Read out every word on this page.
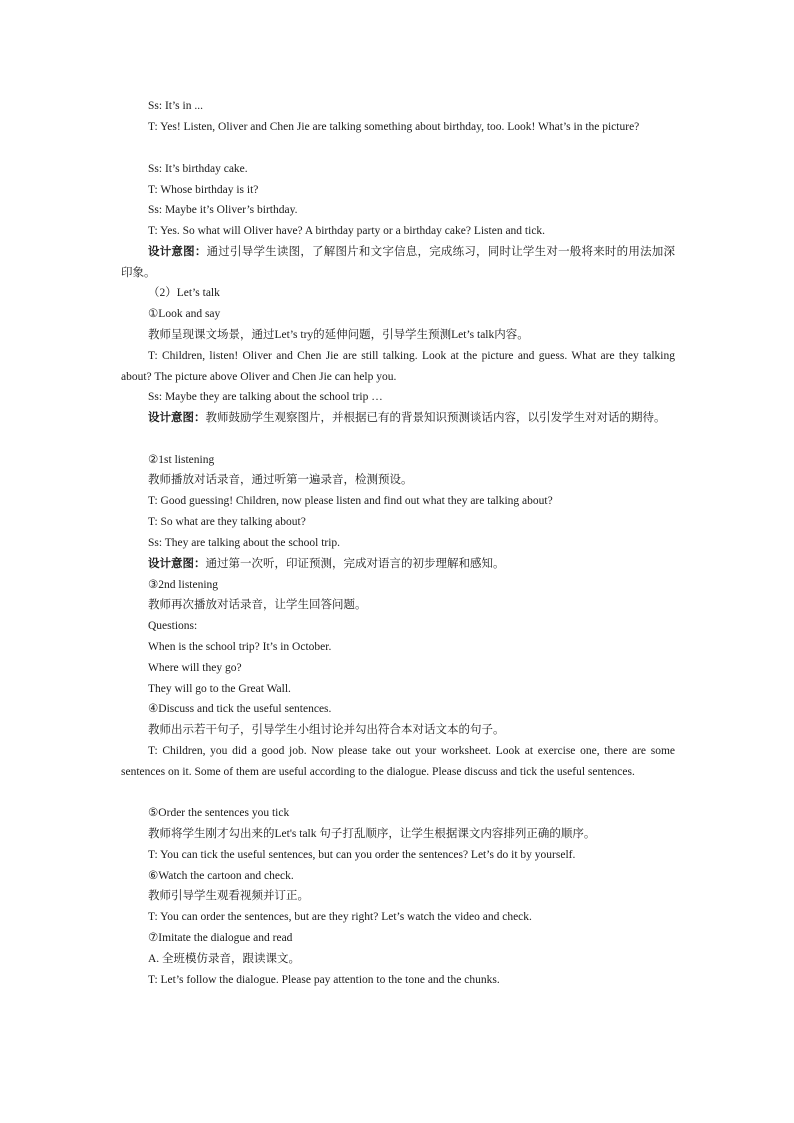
Ss: It’s in ...

T: Yes! Listen, Oliver and Chen Jie are talking something about birthday, too. Look! What’s in the picture?

Ss: It’s birthday cake.

T: Whose birthday is it?

Ss: Maybe it’s Oliver’s birthday.

T: Yes. So what will Oliver have? A birthday party or a birthday cake? Listen and tick.

设计意图：通过引导学生读图，了解图片和文字信息，完成练习，同时让学生对一般将来时的用法加深印象。

（2）Let’s talk

①Look and say

教师呈现课文场景，通过Let’s try的延伸问题，引导学生预测Let’s talk内容。

T: Children, listen! Oliver and Chen Jie are still talking. Look at the picture and guess. What are they talking about? The picture above Oliver and Chen Jie can help you.

Ss: Maybe they are talking about the school trip …

设计意图：教师鼓励学生观察图片，并根据已有的背景知识预测谈话内容，以引发学生对对话的期待。

②1st listening

教师播放对话录音，通过听第一遍录音，检测预设。

T: Good guessing! Children, now please listen and find out what they are talking about?

T: So what are they talking about?

Ss: They are talking about the school trip.

设计意图：通过第一次听，印证预测，完成对语言的初步理解和感知。

③2nd listening

教师再次播放对话录音，让学生回答问题。

Questions:

When is the school trip? It’s in October.

Where will they go?

They will go to the Great Wall.

④Discuss and tick the useful sentences.

教师出示若干句子，引导学生小组讨论并勾出符合本对话文本的句子。

T: Children, you did a good job. Now please take out your worksheet. Look at exercise one, there are some sentences on it. Some of them are useful according to the dialogue. Please discuss and tick the useful sentences.

⑤Order the sentences you tick

教师将学生刚才勾出来的Let's talk 句子打乱顺序，让学生根据课文内容排列正确的顺序。

T: You can tick the useful sentences, but can you order the sentences? Let’s do it by yourself.

⑥Watch the cartoon and check.

教师引导学生观看视频并订正。

T: You can order the sentences, but are they right? Let’s watch the video and check.

⑦Imitate the dialogue and read

A. 全班模仿录音，跟读课文。

T: Let’s follow the dialogue. Please pay attention to the tone and the chunks.
